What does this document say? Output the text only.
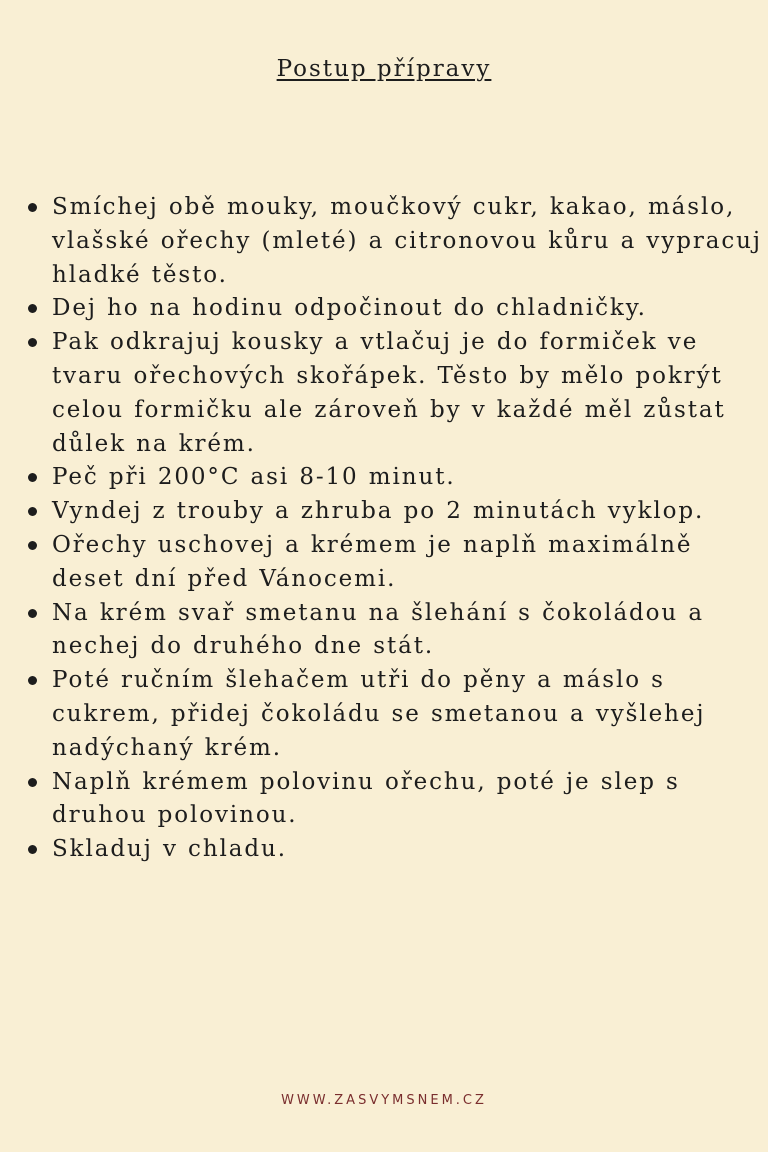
Postup přípravy
Smíchej obě mouky, moučkový cukr, kakao, máslo, vlašské ořechy (mleté) a citronovou kůru a vypracuj hladké těsto.
Dej ho na hodinu odpočinout do chladničky.
Pak odkrajuj kousky a vtlačuj je do formiček ve tvaru ořechových skořápek. Těsto by mělo pokrýt celou formičku ale zároveň by v každé měl zůstat důlek na krém.
Peč při 200°C asi 8-10 minut.
Vyndej z trouby a zhruba po 2 minutách vyklop.
Ořechy uschovej a krémem je naplň maximálně deset dní před Vánocemi.
Na krém svař smetanu na šlehání s čokoládou a nechej do druhého dne stát.
Poté ručním šlehačem utři do pěny a máslo s cukrem, přidej čokoládu se smetanou a vyšlehej nadýchaný krém.
Naplň krémem polovinu ořechu, poté je slep s druhou polovinou.
Skladuj v chladu.
WWW.ZASVYMSNEM.CZ
